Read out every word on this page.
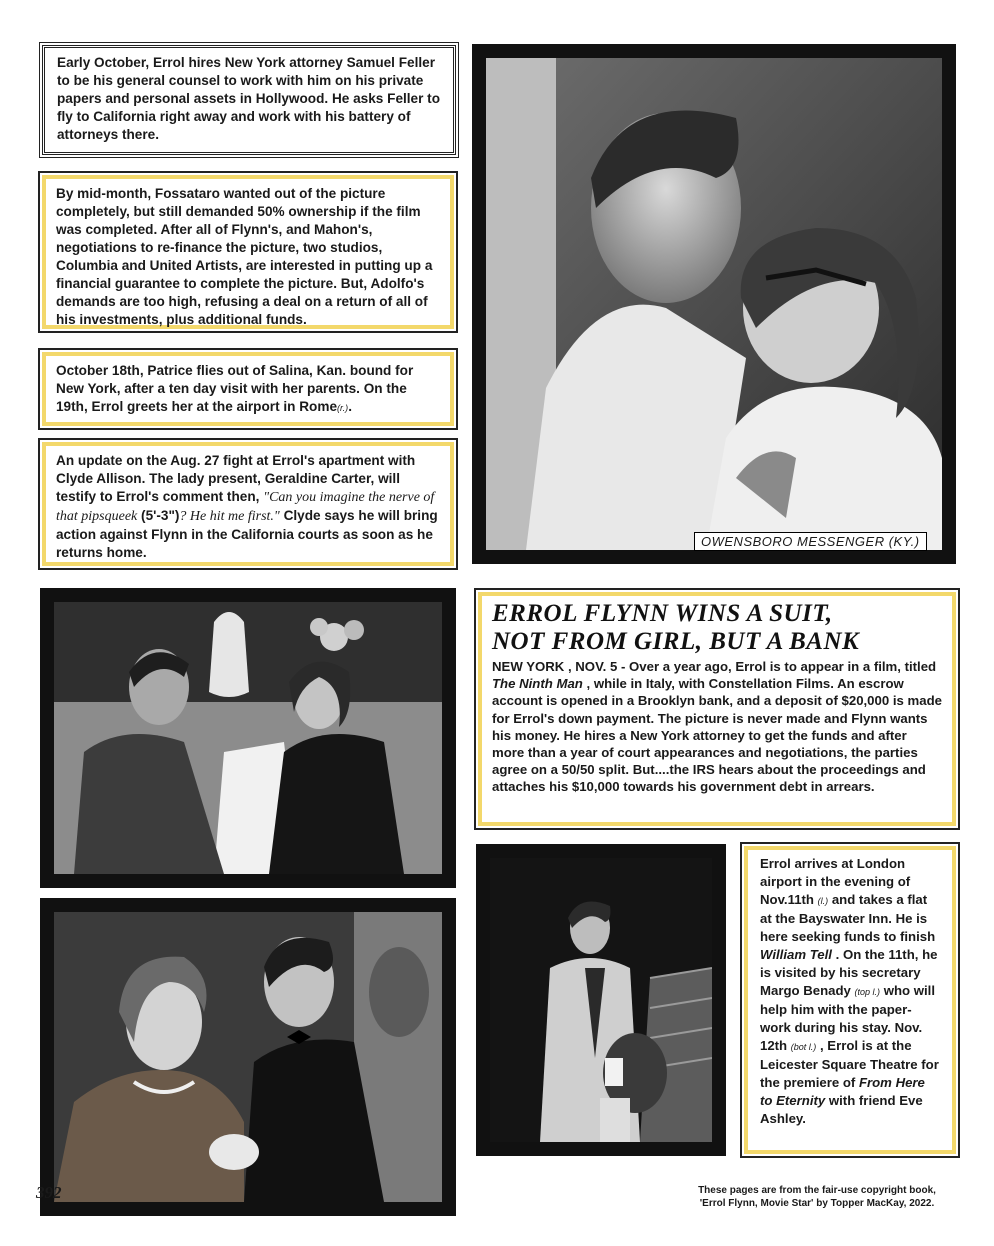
Early October, Errol hires New York attorney Samuel Feller to be his general counsel to work with him on his private papers and personal assets in Hollywood. He asks Feller to fly to California right away and work with his battery of attorneys there.
By mid-month, Fossataro wanted out of the picture completely, but still demanded 50% ownership if the film was completed. After all of Flynn's, and Mahon's, negotiations to re-finance the picture, two studios, Columbia and United Artists, are interested in putting up a financial guarantee to complete the picture. But, Adolfo's demands are too high, refusing a deal on a return of all of his investments, plus additional funds.
October 18th, Patrice flies out of Salina, Kan. bound for New York, after a ten day visit with her parents. On the 19th, Errol greets her at the airport in Rome(r.).
An update on the Aug. 27 fight at Errol's apartment with Clyde Allison. The lady present, Geraldine Carter, will testify to Errol's comment then, "Can you imagine the nerve of that pipsqueek (5'-3")? He hit me first." Clyde says he will bring action against Flynn in the California courts as soon as he returns home.
OWENSBORO MESSENGER (KY.)
ERROL FLYNN WINS A SUIT,
NOT FROM GIRL, BUT A BANK
NEW YORK , NOV. 5 - Over a year ago, Errol is to appear in a film, titled The Ninth Man , while in Italy, with Constellation Films. An escrow account is opened in a Brooklyn bank, and a deposit of $20,000 is made for Errol's down payment. The picture is never made and Flynn wants his money. He hires a New York attorney to get the funds and after more than a year of court appearances and negotiations, the parties agree on a 50/50 split. But....the IRS hears about the proceedings and attaches his $10,000 towards his government debt in arrears.
Errol arrives at London airport in the evening of Nov.11th (l.) and takes a flat at the Bayswater Inn. He is here seeking funds to finish William Tell . On the 11th, he is visited by his secretary Margo Benady (top l.) who will help him with the paper-work during his stay. Nov. 12th (bot l.) , Errol is at the Leicester Square Theatre for the premiere of From Here to Eternity with friend Eve Ashley.
392	These pages are from the fair-use copyright book,
'Errol Flynn, Movie Star' by Topper MacKay, 2022.
